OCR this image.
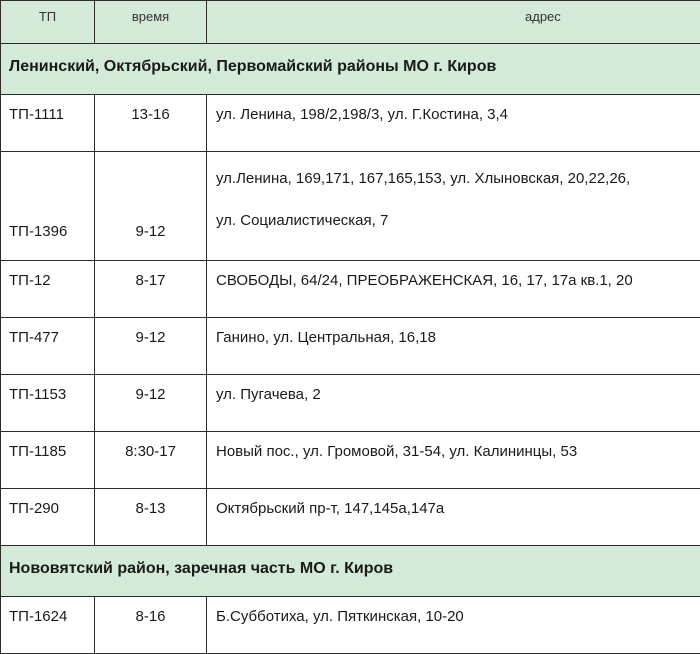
ТП	время	адрес
Ленинский, Октябрьский, Первомайский районы МО г. Киров		
ТП-1111	13-16	ул. Ленина, 198/2,198/3, ул. Г.Костина, 3,4
ТП-1396	9-12	ул.Ленина, 169,171, 167,165,153, ул. Хлыновская, 20,22,26,
ул. Социалистическая, 7

ТП-12	8-17	СВОБОДЫ, 64/24, ПРЕОБРАЖЕНСКАЯ, 16, 17, 17а кв.1, 20
ТП-477	9-12	Ганино, ул. Центральная, 16,18
ТП-1153	9-12	ул. Пугачева, 2
ТП-1185	8:30-17	Новый пос., ул. Громовой, 31-54, ул. Калининцы, 53
ТП-290	8-13	Октябрьский пр-т, 147,145а,147а
Нововятский район, заречная часть МО г. Киров		
ТП-1624	8-16	Б.Субботиха, ул. Пяткинская, 10-20
